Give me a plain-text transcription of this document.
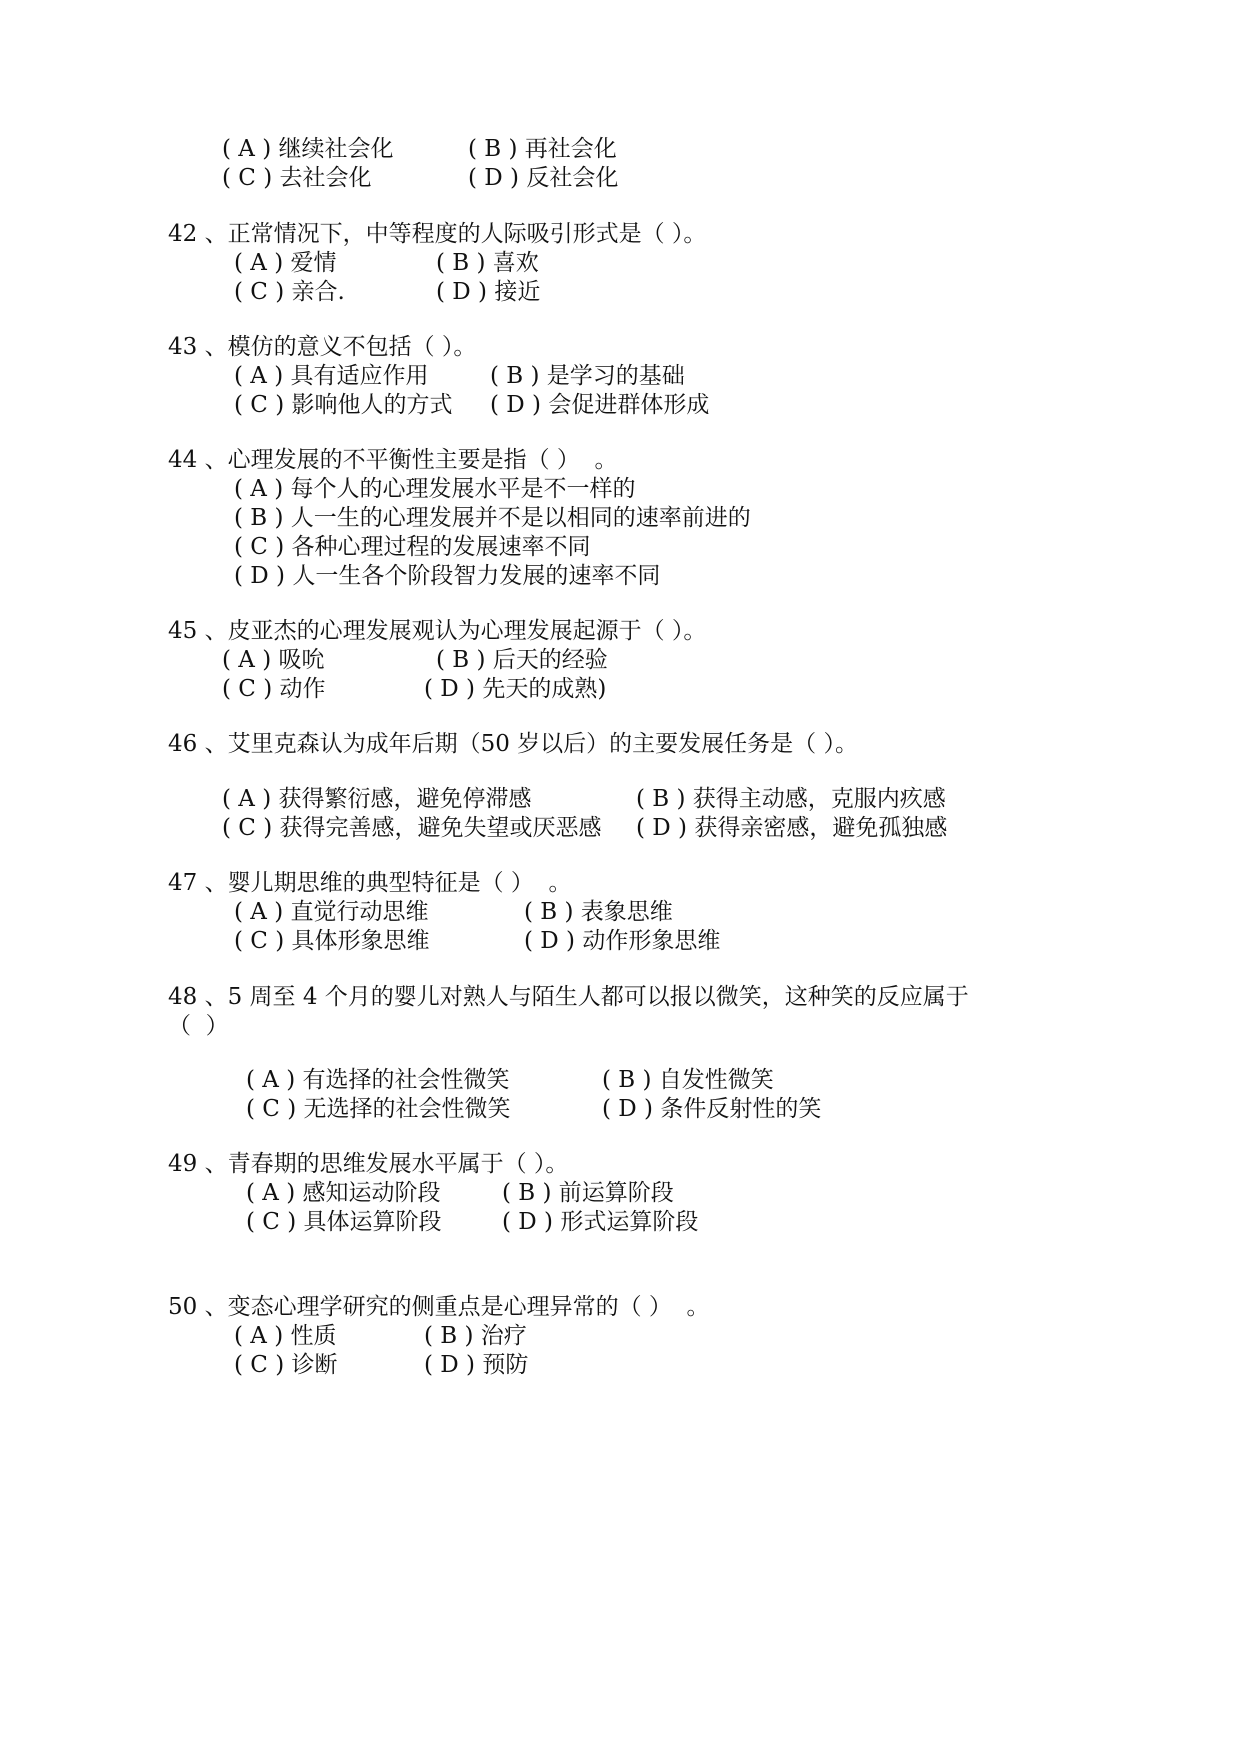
( A ) 继续社会化	( B ) 再社会化
( C ) 去社会化	( D ) 反社会化
42 、正常情况下，中等程度的人际吸引形式是（ ）。
( A ) 爱情	( B ) 喜欢
( C ) 亲合.	( D ) 接近
43 、模仿的意义不包括（ ）。
( A ) 具有适应作用	( B ) 是学习的基础
( C ) 影响他人的方式 ( D ) 会促进群体形成
44 、心理发展的不平衡性主要是指（ ）  。
( A ) 每个人的心理发展水平是不一样的
( B ) 人一生的心理发展并不是以相同的速率前进的
( C ) 各种心理过程的发展速率不同
( D ) 人一生各个阶段智力发展的速率不同
45 、皮亚杰的心理发展观认为心理发展起源于（ ）。
( A ) 吸吮	( B ) 后天的经验
( C ) 动作	( D ) 先天的成熟)
46 、艾里克森认为成年后期（50 岁以后）的主要发展任务是（ ）。
( A ) 获得繁衍感，避免停滞感	( B ) 获得主动感，克服内疚感
( C ) 获得完善感，避免失望或厌恶感 ( D ) 获得亲密感，避免孤独感
47 、婴儿期思维的典型特征是（ ）  。
( A ) 直觉行动思维	( B ) 表象思维
( C ) 具体形象思维	( D ) 动作形象思维
48 、5 周至 4 个月的婴儿对熟人与陌生人都可以报以微笑，这种笑的反应属于
（  ）
( A ) 有选择的社会性微笑	( B ) 自发性微笑
( C ) 无选择的社会性微笑	( D ) 条件反射性的笑
49 、青春期的思维发展水平属于（ ）。
( A ) 感知运动阶段	( B ) 前运算阶段
( C ) 具体运算阶段	( D ) 形式运算阶段
50 、变态心理学研究的侧重点是心理异常的（ ）  。
( A ) 性质	( B ) 治疗
( C ) 诊断	( D ) 预防
